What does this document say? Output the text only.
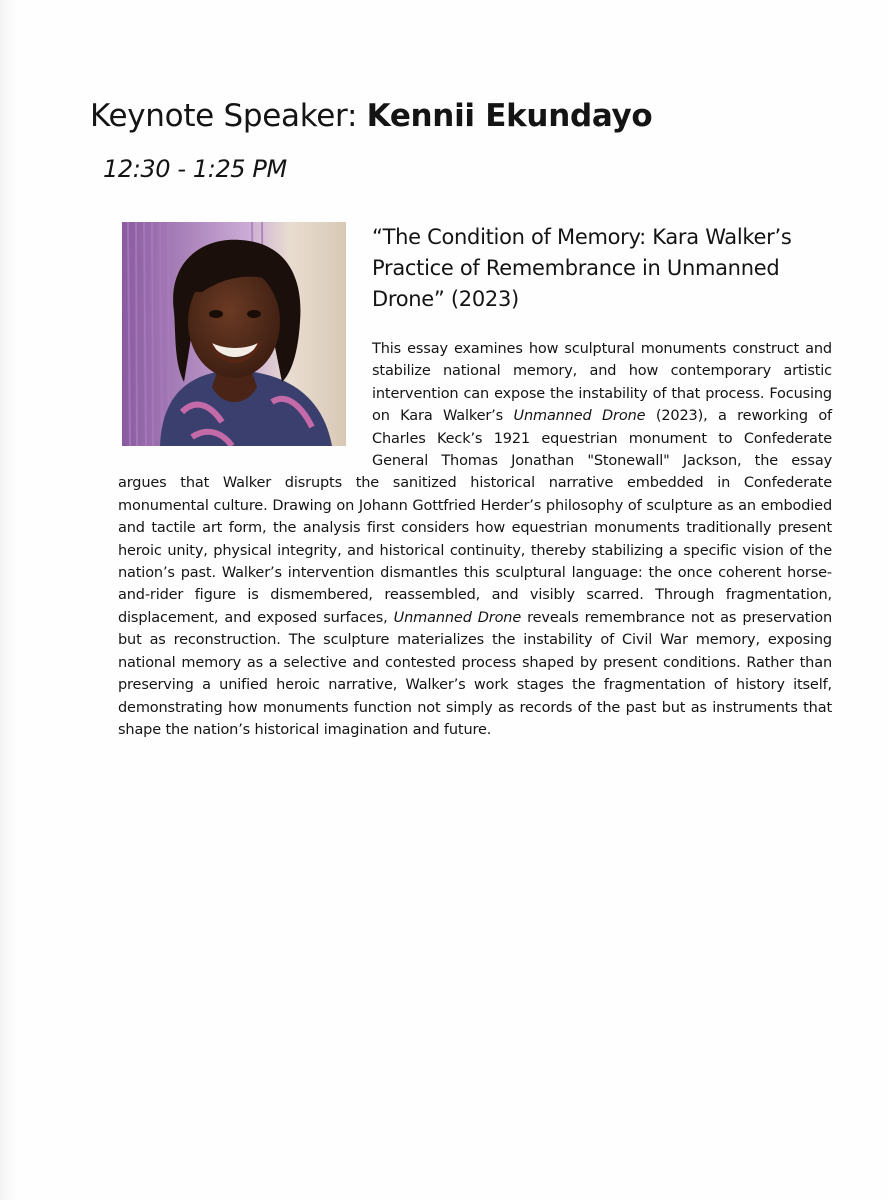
Keynote Speaker: Kennii Ekundayo
12:30 - 1:25 PM
“The Condition of Memory: Kara Walker’s Practice of Remembrance in Unmanned Drone” (2023)

This essay examines how sculptural monuments construct and stabilize national memory, and how contemporary artistic intervention can expose the instability of that process. Focusing on Kara Walker’s Unmanned Drone (2023), a reworking of Charles Keck’s 1921 equestrian monument to Confederate General Thomas Jonathan "Stonewall" Jackson, the essay argues that Walker disrupts the sanitized historical narrative embedded in Confederate monumental culture. Drawing on Johann Gottfried Herder’s philosophy of sculpture as an embodied and tactile art form, the analysis first considers how equestrian monuments traditionally present heroic unity, physical integrity, and historical continuity, thereby stabilizing a specific vision of the nation’s past. Walker’s intervention dismantles this sculptural language: the once coherent horse-and-rider figure is dismembered, reassembled, and visibly scarred. Through fragmentation, displacement, and exposed surfaces, Unmanned Drone reveals remembrance not as preservation but as reconstruction. The sculpture materializes the instability of Civil War memory, exposing national memory as a selective and contested process shaped by present conditions. Rather than preserving a unified heroic narrative, Walker’s work stages the fragmentation of history itself, demonstrating how monuments function not simply as records of the past but as instruments that shape the nation’s historical imagination and future.
